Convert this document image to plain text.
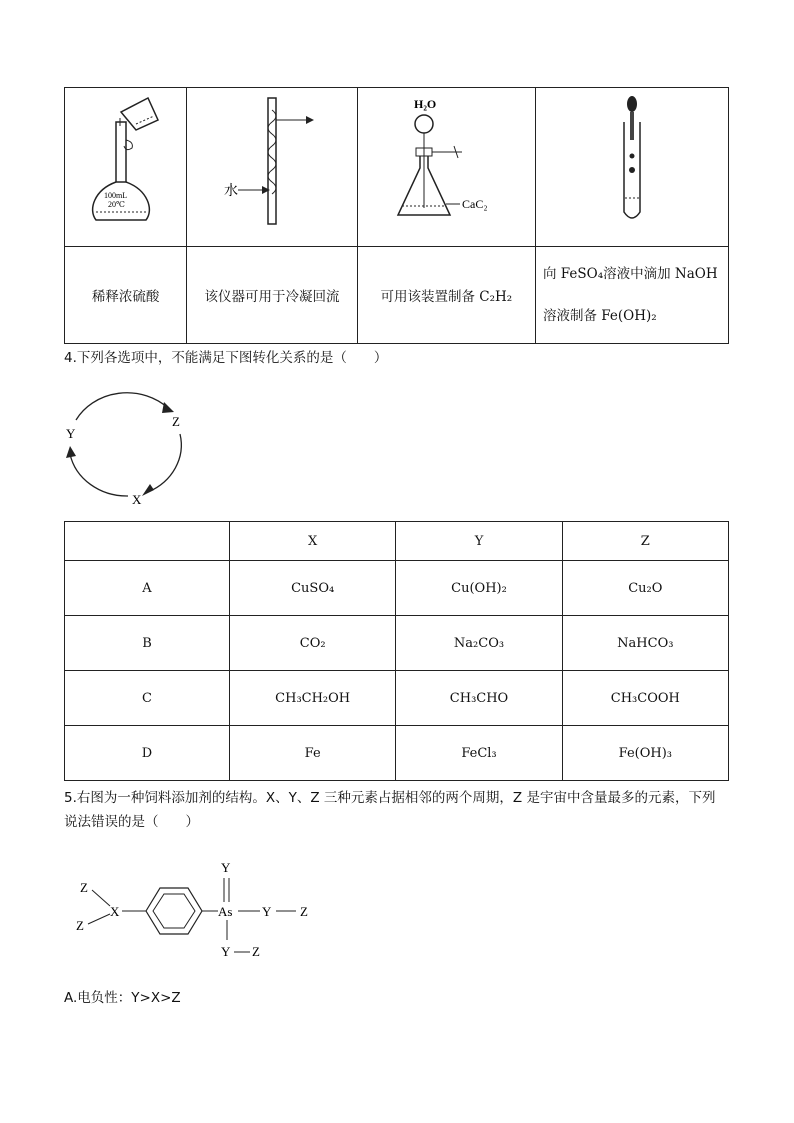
100mL
20℃	水	H₂O
CaC₂

稀释浓硫酸	该仪器可用于冷凝回流	可用该装置制备 C₂H₂	向 FeSO₄溶液中滴加 NaOH
溶液制备 Fe(OH)₂
4.下列各选项中，不能满足下图转化关系的是（　　）
Z
Y
X
	X	Y	Z
A	CuSO₄	Cu(OH)₂	Cu₂O
B	CO₂	Na₂CO₃	NaHCO₃
C	CH₃CH₂OH	CH₃CHO	CH₃COOH
D	Fe	FeCl₃	Fe(OH)₃
5.右图为一种饲料添加剂的结构。X、Y、Z 三种元素占据相邻的两个周期，Z 是宇宙中含量最多的元素，下列
说法错误的是（　　）
Z
Z
X	As
Y
Y Z
Y Z
A.电负性：Y>X>Z
